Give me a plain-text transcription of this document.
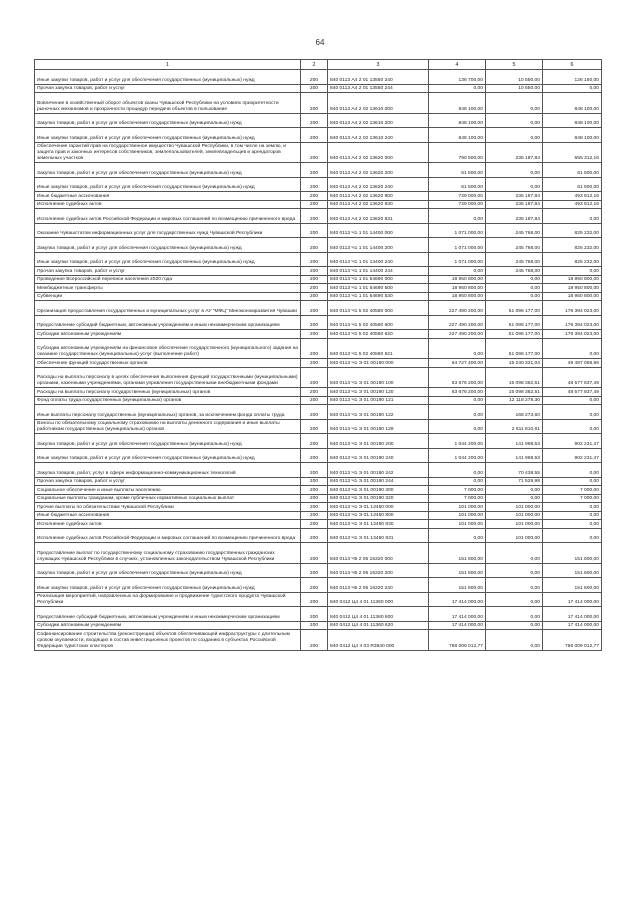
64
1	2	3	4	5	6
Иные закупки товаров, работ и услуг для обеспечения государственных (муниципальных) нужд	200	840 0113 А4 2 01 13550 240	136 700,00	10 550,00	126 150,00
Прочая закупка товаров, работ и услуг	200	840 0113 А4 2 01 13550 244	0,00	10 550,00	0,00
Вовлечение в хозяйственный оборот объектов казны Чувашской Республики на условиях приоритетности рыночных механизмов и прозрачности процедур передачи объектов в пользование	200	840 0113 А4 2 02 13610 000	848 100,00	0,00	848 100,00
Закупка товаров, работ и услуг для обеспечения государственных (муниципальных) нужд	200	840 0113 А4 2 02 13610 200	848 100,00	0,00	848 100,00
Иные закупки товаров, работ и услуг для обеспечения государственных (муниципальных) нужд	200	840 0113 А4 2 02 13610 240	848 100,00	0,00	848 100,00
Обеспечение гарантий прав на государственное имущество Чувашской Республики, в том числе на землю, и защита прав и законных интересов собственников, землепользователей, землевладельцев и арендаторов земельных участков	200	840 0113 А4 2 02 13620 000	790 500,00	235 187,84	555 312,16
Закупка товаров, работ и услуг для обеспечения государственных (муниципальных) нужд	200	840 0113 А4 2 02 13620 200	61 500,00	0,00	61 500,00
Иные закупки товаров, работ и услуг для обеспечения государственных (муниципальных) нужд	200	840 0113 А4 2 02 13620 240	61 500,00	0,00	61 500,00
Иные бюджетные ассигнования	200	840 0113 А4 2 02 13620 800	729 000,00	235 187,84	493 812,16
Исполнение судебных актов	200	840 0113 А4 2 02 13620 830	729 000,00	235 187,84	493 812,16
Исполнение судебных актов Российской Федерации и мировых соглашений по возмещению причиненного вреда	200	840 0113 А4 2 02 13620 831	0,00	235 187,84	0,00
Оказание Чувашстатом информационных услуг для государственных нужд Чувашской Республики	200	840 0113 Ч1 1 01 14400 000	1 071 000,00	245 768,00	825 232,00
Закупка товаров, работ и услуг для обеспечения государственных (муниципальных) нужд	200	840 0113 Ч1 1 01 14400 200	1 071 000,00	245 768,00	825 232,00
Иные закупки товаров, работ и услуг для обеспечения государственных (муниципальных) нужд	200	840 0113 Ч1 1 01 14400 240	1 071 000,00	245 768,00	825 232,00
Прочая закупка товаров, работ и услуг	200	840 0113 Ч1 1 01 14400 244	0,00	245 768,00	0,00
Проведение Всероссийской переписи населения 2020 года	200	840 0113 Ч1 1 01 54690 000	18 950 800,00	0,00	18 950 800,00
Межбюджетные трансферты	200	840 0113 Ч1 1 01 54690 500	18 950 800,00	0,00	18 950 800,00
Субвенции	200	840 0113 Ч1 1 01 54690 530	18 950 800,00	0,00	18 950 800,00
Организация предоставления государственных и муниципальных услуг в АУ "МФЦ" Минэкономразвития Чувашии	200	840 0113 Ч1 5 02 40580 000	227 490 200,00	51 096 177,00	176 394 023,00
Предоставление субсидий бюджетным, автономным учреждениям и иным некоммерческим организациям	200	840 0113 Ч1 5 02 40580 600	227 490 200,00	51 096 177,00	176 394 023,00
Субсидии автономным учреждениям	200	840 0113 Ч1 5 02 40580 620	227 490 200,00	51 096 177,00	176 394 023,00
Субсидии автономным учреждениям на финансовое обеспечение государственного (муниципального) задания на оказание государственных (муниципальных) услуг (выполнение работ)	200	840 0113 Ч1 5 02 40580 621	0,00	51 096 177,00	0,00
Обеспечение функций государственных органов	200	840 0113 Ч1 Э 01 00190 000	64 727 400,00	15 240 331,04	49 487 068,96
Расходы на выплаты персоналу в целях обеспечения выполнения функций государственными (муниципальными) органами, казенными учреждениями, органами управления государственными внебюджетными фондами	200	840 0113 Ч1 Э 01 00190 100	63 676 200,00	15 098 362,51	48 577 837,49
Расходы на выплаты персоналу государственных (муниципальных) органов	200	840 0113 Ч1 Э 01 00190 120	63 676 200,00	15 098 362,51	48 577 837,49
Фонд оплаты труда государственных (муниципальных) органов	200	840 0113 Ч1 Э 01 00190 121	0,00	12 118 278,30	0,00
Иные выплаты персоналу государственных (муниципальных) органов, за исключением фонда оплаты труда	200	840 0113 Ч1 Э 01 00190 122	0,00	168 273,60	0,00
Взносы по обязательному социальному страхованию на выплаты денежного содержания и иные выплаты работникам государственных (муниципальных) органов	200	840 0113 Ч1 Э 01 00190 129	0,00	2 811 810,61	0,00
Закупка товаров, работ и услуг для обеспечения государственных (муниципальных) нужд	200	840 0113 Ч1 Э 01 00190 200	1 044 200,00	141 968,53	902 231,47
Иные закупки товаров, работ и услуг для обеспечения государственных (муниципальных) нужд	200	840 0113 Ч1 Э 01 00190 240	1 044 200,00	141 968,53	902 231,47
Закупка товаров, работ, услуг в сфере информационно-коммуникационных технологий	200	840 0113 Ч1 Э 01 00190 242	0,00	70 438,55	0,00
Прочая закупка товаров, работ и услуг	200	840 0113 Ч1 Э 01 00190 244	0,00	71 529,98	0,00
Социальное обеспечение и иные выплаты населению	200	840 0113 Ч1 Э 01 00190 300	7 000,00	0,00	7 000,00
Социальные выплаты гражданам, кроме публичных нормативных социальных выплат	200	840 0113 Ч1 Э 01 00190 320	7 000,00	0,00	7 000,00
Прочие выплаты по обязательствам Чувашской Республики	200	840 0113 Ч1 Э 01 13450 000	101 000,00	101 000,00	0,00
Иные бюджетные ассигнования	200	840 0113 Ч1 Э 01 13450 800	101 000,00	101 000,00	0,00
Исполнение судебных актов	200	840 0113 Ч1 Э 01 13450 830	101 000,00	101 000,00	0,00
Исполнение судебных актов Российской Федерации и мировых соглашений по возмещению причиненного вреда	200	840 0113 Ч1 Э 01 13450 831	0,00	101 000,00	0,00
Предоставление выплат по государственному социальному страхованию государственных гражданских служащих Чувашской Республики в случаях, установленных законодательством Чувашской Республики	200	840 0113 Ч5 2 05 15320 000	151 600,00	0,00	151 600,00
Закупка товаров, работ и услуг для обеспечения государственных (муниципальных) нужд	200	840 0113 Ч5 2 05 15320 200	151 600,00	0,00	151 600,00
Иные закупки товаров, работ и услуг для обеспечения государственных (муниципальных) нужд	200	840 0113 Ч5 2 05 15320 240	151 600,00	0,00	151 600,00
Реализация мероприятий, направленных на формирование и продвижение туристского продукта Чувашской Республики	200	840 0412 Ц4 4 01 11360 000	17 414 000,00	0,00	17 414 000,00
Предоставление субсидий бюджетным, автономным учреждениям и иным некоммерческим организациям	200	840 0412 Ц4 4 01 11360 600	17 414 000,00	0,00	17 414 000,00
Субсидии автономным учреждениям	200	840 0412 Ц4 4 01 11360 620	17 414 000,00	0,00	17 414 000,00
Софинансирование строительства (реконструкции) объектов обеспечивающей инфраструктуры с длительным сроком окупаемости, входящих в состав инвестиционных проектов по созданию в субъектах Российской Федерации туристских кластеров	200	840 0412 Ц4 4 03 R3840 000	766 009 012,77	0,00	766 009 012,77
